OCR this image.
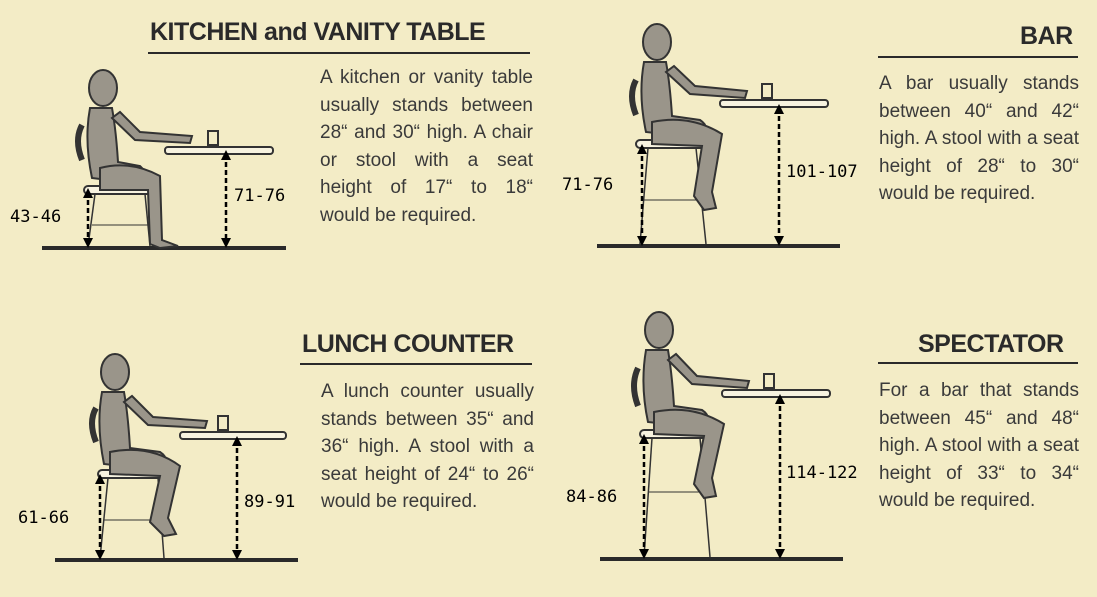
KITCHEN and VANITY TABLE
A kitchen or vanity table usually stands between 28“ and 30“ high. A chair or stool with a seat height of 17“ to 18“ would be required.
43-46
71-76
BAR
A bar usually stands between 40“ and 42“ high. A stool with a seat height of 28“ to 30“ would be required.
71-76
101-107
LUNCH COUNTER
A lunch counter usually stands between 35“ and 36“ high. A stool with a seat height of 24“ to 26“ would be required.
61-66
89-91
SPECTATOR
For a bar that stands between 45“ and 48“ high. A stool with a seat height of 33“ to 34“ would be required.
84-86
114-122
